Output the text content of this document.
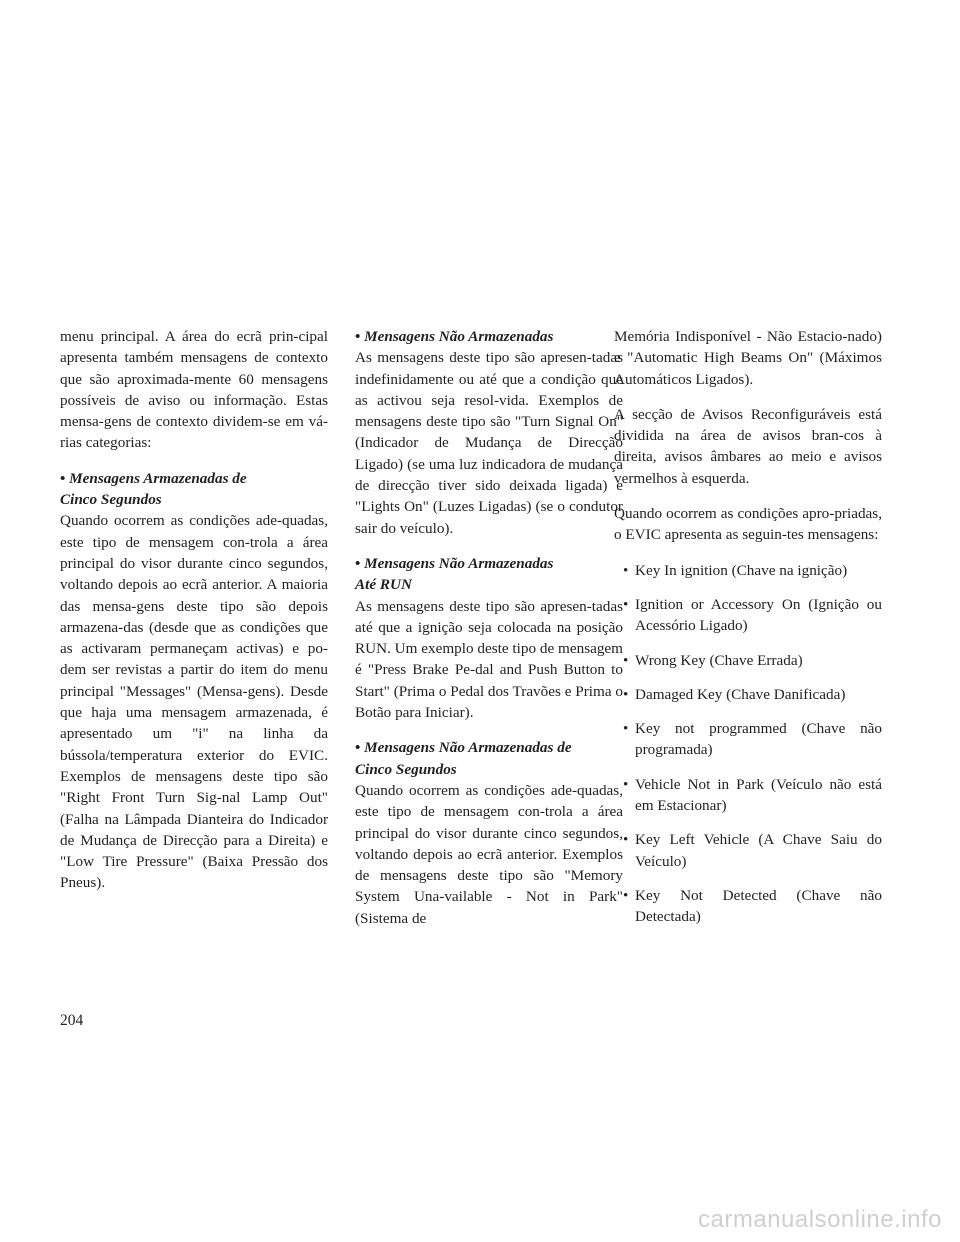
menu principal. A área do ecrã prin-cipal apresenta também mensagens de contexto que são aproximada-mente 60 mensagens possíveis de aviso ou informação. Estas mensa-gens de contexto dividem-se em vá-rias categorias:

• Mensagens Armazenadas de
Cinco Segundos

Quando ocorrem as condições ade-quadas, este tipo de mensagem con-trola a área principal do visor durante cinco segundos, voltando depois ao ecrã anterior. A maioria das mensa-gens deste tipo são depois armazena-das (desde que as condições que as activaram permaneçam activas) e po-dem ser revistas a partir do item do menu principal "Messages" (Mensa-gens). Desde que haja uma mensagem armazenada, é apresentado um "i" na linha da bússola/temperatura exterior do EVIC. Exemplos de mensagens deste tipo são "Right Front Turn Sig-nal Lamp Out" (Falha na Lâmpada Dianteira do Indicador de Mudança de Direcção para a Direita) e "Low Tire Pressure" (Baixa Pressão dos Pneus).

• Mensagens Não Armazenadas

As mensagens deste tipo são apresen-tadas indefinidamente ou até que a condição que as activou seja resol-vida. Exemplos de mensagens deste tipo são "Turn Signal On" (Indicador de Mudança de Direcção Ligado) (se uma luz indicadora de mudança de direcção tiver sido deixada ligada) e "Lights On" (Luzes Ligadas) (se o condutor sair do veículo).

• Mensagens Não Armazenadas
Até RUN

As mensagens deste tipo são apresen-tadas até que a ignição seja colocada na posição RUN. Um exemplo deste tipo de mensagem é "Press Brake Pe-dal and Push Button to Start" (Prima o Pedal dos Travões e Prima o Botão para Iniciar).

• Mensagens Não Armazenadas de
Cinco Segundos

Quando ocorrem as condições ade-quadas, este tipo de mensagem con-trola a área principal do visor durante cinco segundos, voltando depois ao ecrã anterior. Exemplos de mensagens deste tipo são "Memory System Una-vailable - Not in Park" (Sistema de

Memória Indisponível - Não Estacio-nado) e "Automatic High Beams On" (Máximos Automáticos Ligados).

A secção de Avisos Reconfiguráveis está dividida na área de avisos bran-cos à direita, avisos âmbares ao meio e avisos vermelhos à esquerda.

Quando ocorrem as condições apro-priadas, o EVIC apresenta as seguin-tes mensagens:

• Key In ignition (Chave na ignição)
• Ignition or Accessory On (Ignição ou Acessório Ligado)
• Wrong Key (Chave Errada)
• Damaged Key (Chave Danificada)
• Key not programmed (Chave não programada)
• Vehicle Not in Park (Veículo não está em Estacionar)
• Key Left Vehicle (A Chave Saiu do Veículo)
• Key Not Detected (Chave não Detectada)
204
carmanualsonline.info
